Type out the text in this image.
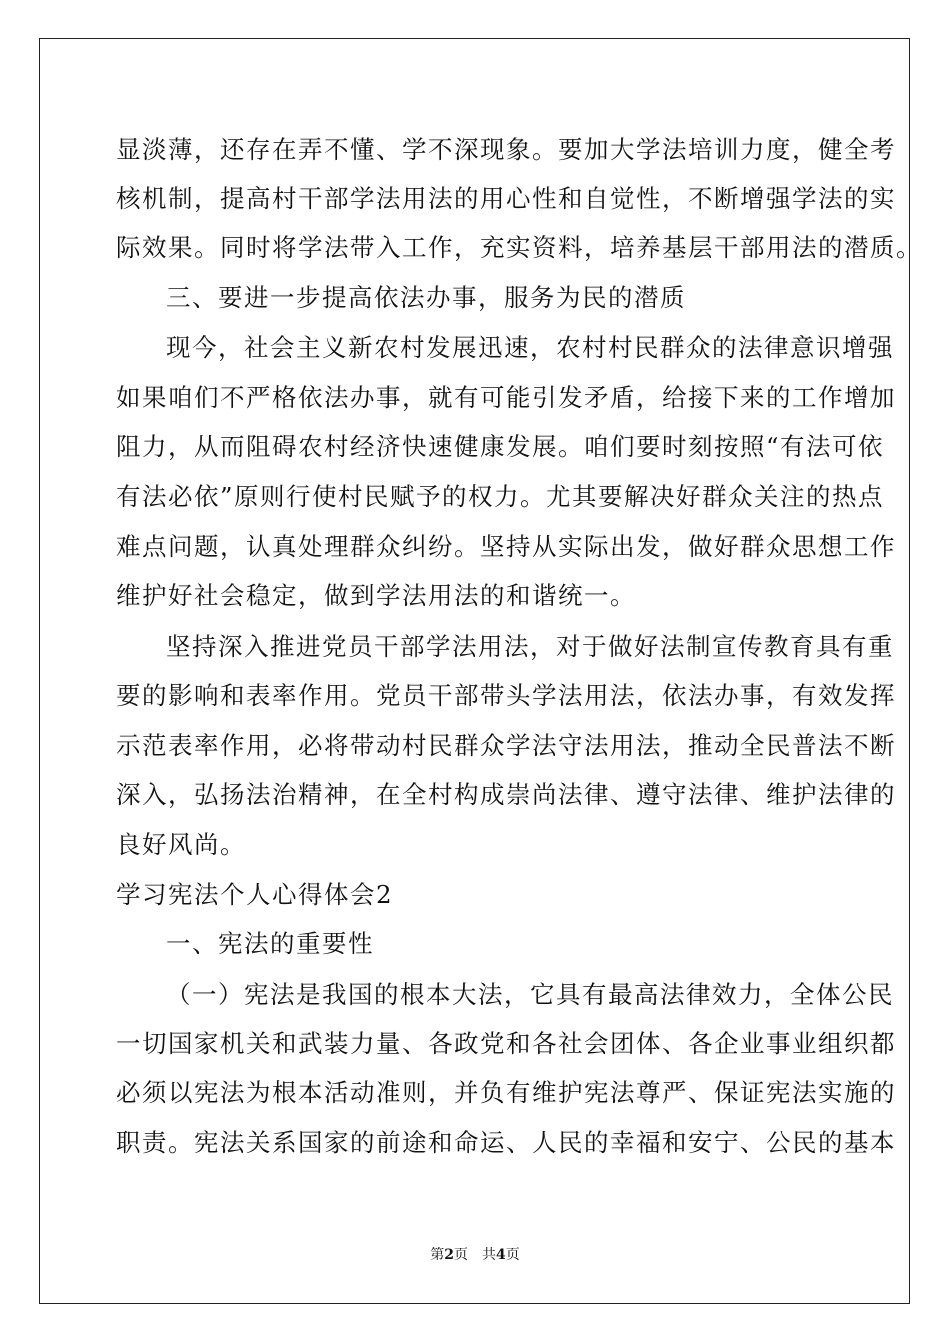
显淡薄，还存在弄不懂、学不深现象。要加大学法培训力度，健全考

核机制，提高村干部学法用法的用心性和自觉性，不断增强学法的实

际效果。同时将学法带入工作，充实资料，培养基层干部用法的潜质。

三、要进一步提高依法办事，服务为民的潜质

现今，社会主义新农村发展迅速，农村村民群众的法律意识增强

如果咱们不严格依法办事，就有可能引发矛盾，给接下来的工作增加

阻力，从而阻碍农村经济快速健康发展。咱们要时刻按照“有法可依

有法必依”原则行使村民赋予的权力。尤其要解决好群众关注的热点

难点问题，认真处理群众纠纷。坚持从实际出发，做好群众思想工作

维护好社会稳定，做到学法用法的和谐统一。

坚持深入推进党员干部学法用法，对于做好法制宣传教育具有重

要的影响和表率作用。党员干部带头学法用法，依法办事，有效发挥

示范表率作用，必将带动村民群众学法守法用法，推动全民普法不断

深入，弘扬法治精神，在全村构成崇尚法律、遵守法律、维护法律的

良好风尚。

学习宪法个人心得体会2

一、宪法的重要性

（一）宪法是我国的根本大法，它具有最高法律效力，全体公民

一切国家机关和武装力量、各政党和各社会团体、各企业事业组织都

必须以宪法为根本活动准则，并负有维护宪法尊严、保证宪法实施的

职责。宪法关系国家的前途和命运、人民的幸福和安宁、公民的基本

第2页 共4页
